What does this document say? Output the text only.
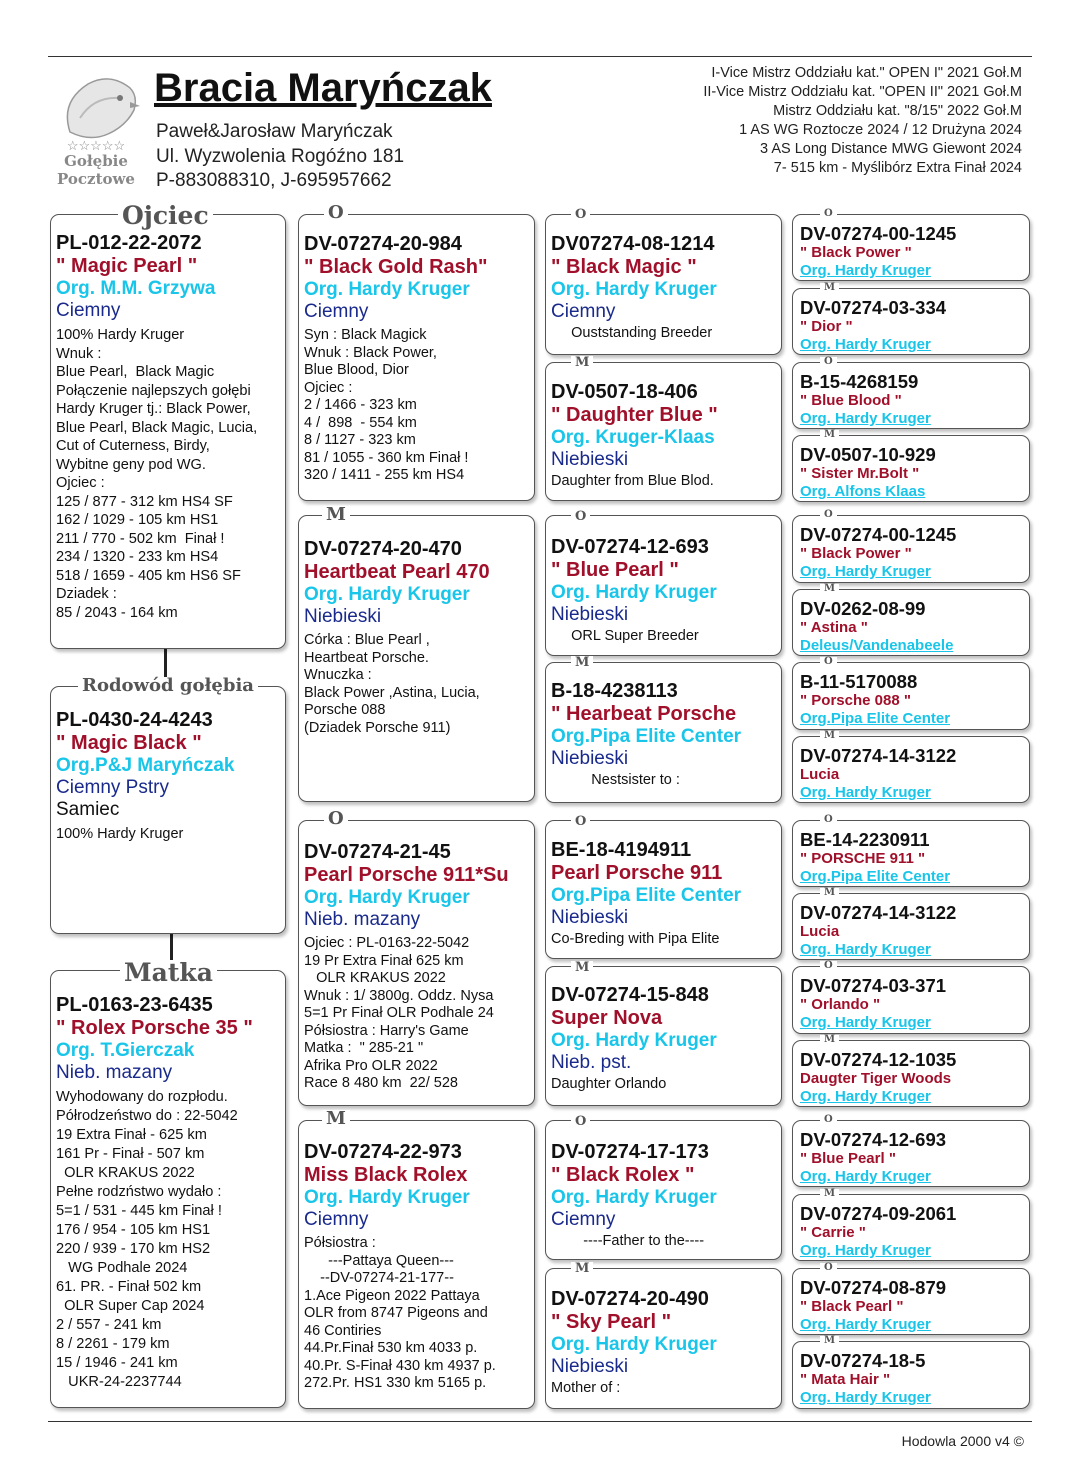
☆☆☆☆☆
Gołębie
Pocztowe
Bracia Maryńczak
Paweł&Jarosław Maryńczak
Ul. Wyzwolenia Rogóźno 181
P-883088310, J-695957662
I-Vice Mistrz Oddziału kat." OPEN I" 2021 Goł.M
II-Vice Mistrz Oddziału kat. "OPEN II" 2021 Goł.M
Mistrz Oddziału kat. "8/15" 2022 Goł.M
1 AS WG Roztocze 2024 / 12 Drużyna 2024
3 AS Long Distance MWG Giewont 2024
7- 515 km - Myślibórz Extra Finał 2024
PL-012-22-2072
" Magic Pearl "
Org. M.M. Grzywa
Ciemny
100% Hardy Kruger
Wnuk :
Blue Pearl,  Black Magic
Połączenie najlepszych gołębi
Hardy Kruger tj.: Black Power,
Blue Pearl, Black Magic, Lucia,
Cut of Cuterness, Birdy,
Wybitne geny pod WG.
Ojciec :
125 / 877 - 312 km HS4 SF
162 / 1029 - 105 km HS1
211 / 770 - 502 km  Finał !
234 / 1320 - 233 km HS4
518 / 1659 - 405 km HS6 SF
Dziadek :
85 / 2043 - 164 km
Ojciec
PL-0430-24-4243
" Magic Black "
Org.P&J Maryńczak
Ciemny Pstry
Samiec
100% Hardy Kruger
Rodowód gołębia
PL-0163-23-6435
" Rolex Porsche 35 "
Org. T.Gierczak
Nieb. mazany
Wyhodowany do rozpłodu.
Półrodzeństwo do : 22-5042
19 Extra Finał - 625 km
161 Pr - Finał - 507 km
OLR KRAKUS 2022
Pełne rodzństwo wydało :
5=1 / 531 - 445 km Finał !
176 / 954 - 105 km HS1
220 / 939 - 170 km HS2
WG Podhale 2024
61. PR. - Finał 502 km
OLR Super Cap 2024
2 / 557 - 241 km
8 / 2261 - 179 km
15 / 1946 - 241 km
UKR-24-2237744
Matka
DV-07274-20-984
" Black Gold Rash"
Org. Hardy Kruger
Ciemny
Syn : Black Magick
Wnuk : Black Power,
Blue Blood, Dior
Ojciec :
2 / 1466 - 323 km
4 /  898  - 554 km
8 / 1127 - 323 km
81 / 1055 - 360 km Finał !
320 / 1411 - 255 km HS4
O
DV-07274-20-470
Heartbeat Pearl 470
Org. Hardy Kruger
Niebieski
Córka : Blue Pearl ,
Heartbeat Porsche.
Wnuczka :
Black Power ,Astina, Lucia,
Porsche 088
(Dziadek Porsche 911)
M
DV-07274-21-45
Pearl Porsche 911*Su
Org. Hardy Kruger
Nieb. mazany
Ojciec : PL-0163-22-5042
19 Pr Extra Finał 625 km
OLR KRAKUS 2022
Wnuk : 1/ 3800g. Oddz. Nysa
5=1 Pr Finał OLR Podhale 24
Półsiostra : Harry's Game
Matka :  " 285-21 "
Afrika Pro OLR 2022
Race 8 480 km  22/ 528
O
DV-07274-22-973
Miss Black Rolex
Org. Hardy Kruger
Ciemny
Półsiostra :
---Pattaya Queen---
--DV-07274-21-177--
1.Ace Pigeon 2022 Pattaya
OLR from 8747 Pigeons and
46 Contiries
44.Pr.Finał 530 km 4033 p.
40.Pr. S-Finał 430 km 4937 p.
272.Pr. HS1 330 km 5165 p.
M
DV07274-08-1214
" Black Magic "
Org. Hardy Kruger
Ciemny
Ouststanding Breeder
O
DV-0507-18-406
" Daughter Blue "
Org. Kruger-Klaas
Niebieski
Daughter from Blue Blod.
M
DV-07274-12-693
" Blue Pearl "
Org. Hardy Kruger
Niebieski
ORL Super Breeder
O
B-18-4238113
" Hearbeat Porsche
Org.Pipa Elite Center
Niebieski
Nestsister to :
M
BE-18-4194911
Pearl Porsche 911
Org.Pipa Elite Center
Niebieski
Co-Breding with Pipa Elite
O
DV-07274-15-848
Super Nova
Org. Hardy Kruger
Nieb. pst.
Daughter Orlando
M
DV-07274-17-173
" Black Rolex "
Org. Hardy Kruger
Ciemny
----Father to the----
O
DV-07274-20-490
" Sky Pearl "
Org. Hardy Kruger
Niebieski
Mother of :
M
DV-07274-00-1245
" Black Power "
Org. Hardy Kruger
O
DV-07274-03-334
" Dior "
Org. Hardy Kruger
M
B-15-4268159
" Blue Blood "
Org. Hardy Kruger
O
DV-0507-10-929
" Sister Mr.Bolt "
Org. Alfons Klaas
M
DV-07274-00-1245
" Black Power "
Org. Hardy Kruger
O
DV-0262-08-99
" Astina "
Deleus/Vandenabeele
M
B-11-5170088
" Porsche 088 "
Org.Pipa Elite Center
O
DV-07274-14-3122
Lucia
Org. Hardy Kruger
M
BE-14-2230911
" PORSCHE 911 "
Org.Pipa Elite Center
O
DV-07274-14-3122
Lucia
Org. Hardy Kruger
M
DV-07274-03-371
" Orlando "
Org. Hardy Kruger
O
DV-07274-12-1035
Daugter Tiger Woods
Org. Hardy Kruger
M
DV-07274-12-693
" Blue Pearl "
Org. Hardy Kruger
O
DV-07274-09-2061
" Carrie "
Org. Hardy Kruger
M
DV-07274-08-879
" Black Pearl "
Org. Hardy Kruger
O
DV-07274-18-5
" Mata Hair "
Org. Hardy Kruger
M
Hodowla 2000 v4 ©
